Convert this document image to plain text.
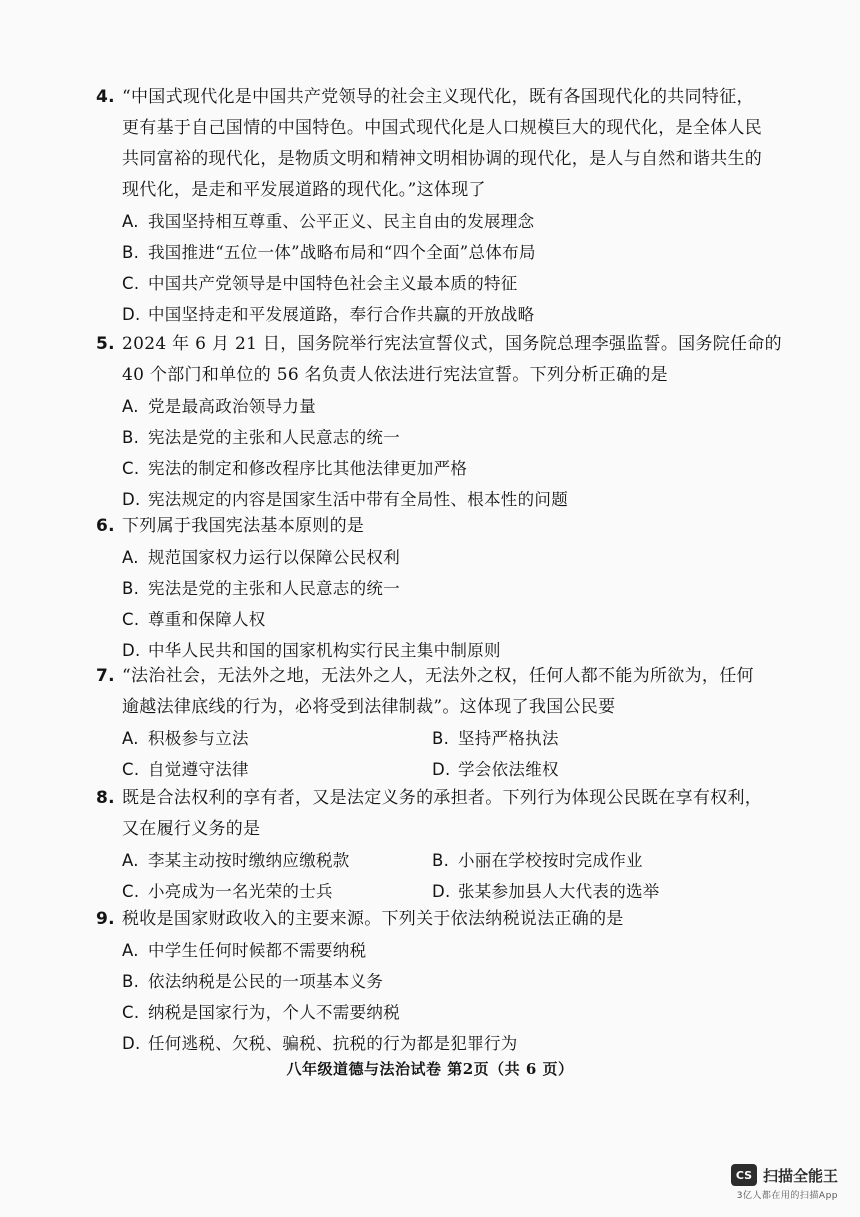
4. “中国式现代化是中国共产党领导的社会主义现代化，既有各国现代化的共同特征，

更有基于自己国情的中国特色。中国式现代化是人口规模巨大的现代化，是全体人民

共同富裕的现代化，是物质文明和精神文明相协调的现代化，是人与自然和谐共生的

现代化，是走和平发展道路的现代化。”这体现了

A. 我国坚持相互尊重、公平正义、民主自由的发展理念

B. 我国推进“五位一体”战略布局和“四个全面”总体布局

C. 中国共产党领导是中国特色社会主义最本质的特征

D. 中国坚持走和平发展道路，奉行合作共赢的开放战略

5. 2024 年 6 月 21 日，国务院举行宪法宣誓仪式，国务院总理李强监誓。国务院任命的

40 个部门和单位的 56 名负责人依法进行宪法宣誓。下列分析正确的是

A. 党是最高政治领导力量

B. 宪法是党的主张和人民意志的统一

C. 宪法的制定和修改程序比其他法律更加严格

D. 宪法规定的内容是国家生活中带有全局性、根本性的问题

6. 下列属于我国宪法基本原则的是

A. 规范国家权力运行以保障公民权利

B. 宪法是党的主张和人民意志的统一

C. 尊重和保障人权

D. 中华人民共和国的国家机构实行民主集中制原则

7. “法治社会，无法外之地，无法外之人，无法外之权，任何人都不能为所欲为，任何

逾越法律底线的行为，必将受到法律制裁”。这体现了我国公民要

A. 积极参与立法	B. 坚持严格执法

C. 自觉遵守法律	D. 学会依法维权

8. 既是合法权利的享有者，又是法定义务的承担者。下列行为体现公民既在享有权利，

又在履行义务的是

A. 李某主动按时缴纳应缴税款	B. 小丽在学校按时完成作业

C. 小亮成为一名光荣的士兵	D. 张某参加县人大代表的选举

9. 税收是国家财政收入的主要来源。下列关于依法纳税说法正确的是

A. 中学生任何时候都不需要纳税

B. 依法纳税是公民的一项基本义务

C. 纳税是国家行为，个人不需要纳税

D. 任何逃税、欠税、骗税、抗税的行为都是犯罪行为

八年级道德与法治试卷 第2页（共 6 页）
CS 扫描全能王
3亿人都在用的扫描App
